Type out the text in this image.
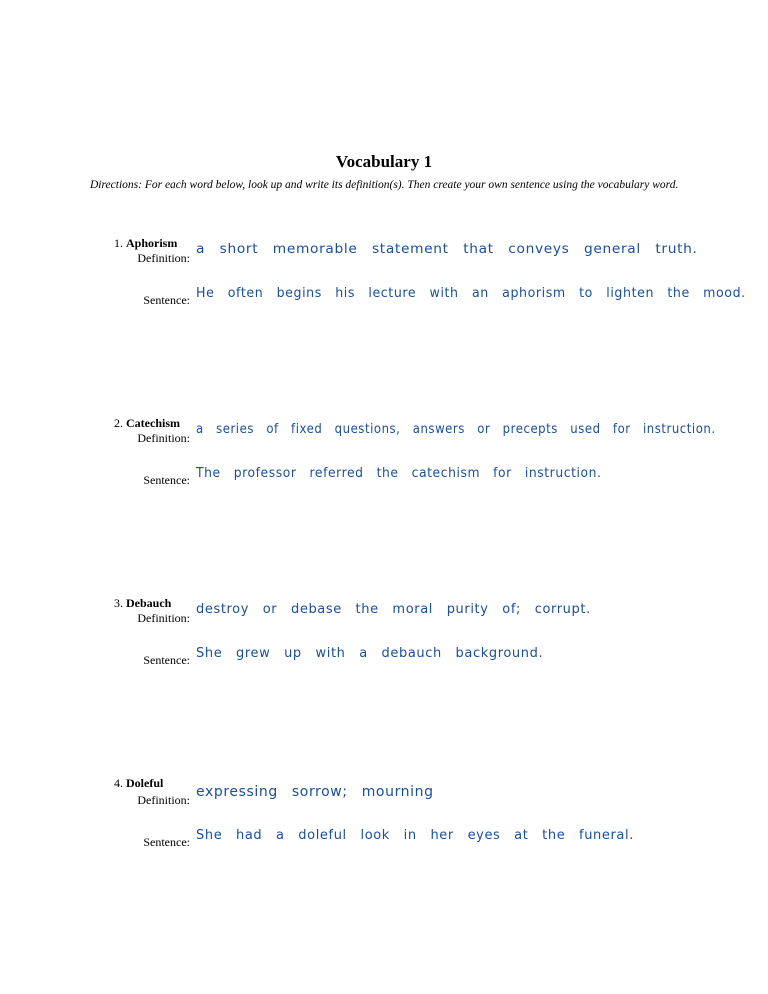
Vocabulary 1
Directions: For each word below, look up and write its definition(s). Then create your own sentence using the vocabulary word.
1. Aphorism
Definition:
a short memorable statement that conveys general truth.
Sentence: He often begins his lecture with an aphorism to lighten the mood.
2. Catechism
Definition:
a series of fixed questions, answers or precepts used for instruction.
Sentence: The professor referred the catechism for instruction.
3. Debauch
Definition:
destroy or debase the moral purity of; corrupt.
Sentence: She grew up with a debauch background.
4. Doleful
Definition: expressing sorrow; mourning
Sentence: She had a doleful look in her eyes at the funeral.
